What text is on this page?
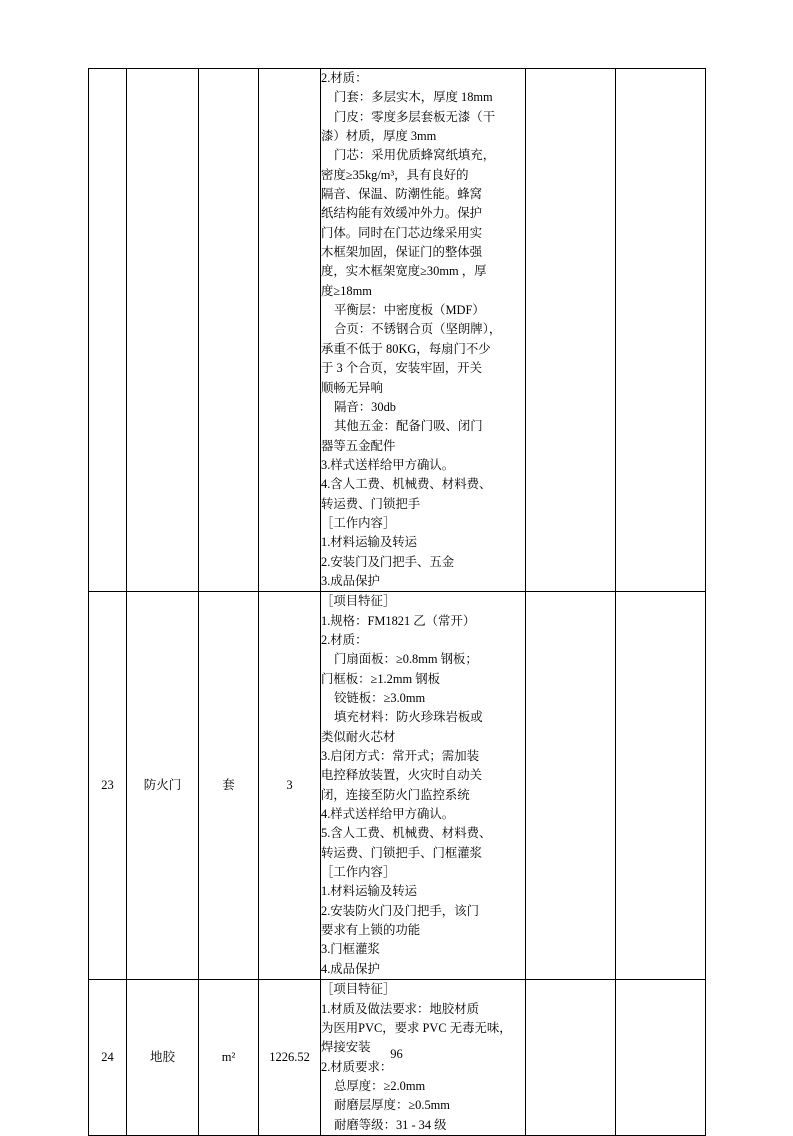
2.材质：
门套：多层实木，厚度 18mm
门皮：零度多层套板无漆（干
漆）材质，厚度 3mm
门芯：采用优质蜂窝纸填充，
密度≥35kg/m³，具有良好的
隔音、保温、防潮性能。蜂窝
纸结构能有效缓冲外力。保护
门体。同时在门芯边缘采用实
木框架加固，保证门的整体强
度，实木框架宽度≥30mm ，厚
度≥18mm
平衡层：中密度板（MDF）
合页：不锈钢合页（坚朗牌），
承重不低于 80KG，每扇门不少
于 3 个合页，安装牢固，开关
顺畅无异响
隔音：30db
其他五金：配备门吸、闭门
器等五金配件
3.样式送样给甲方确认。
4.含人工费、机械费、材料费、
转运费、门锁把手
［工作内容］
1.材料运输及转运
2.安装门及门把手、五金
3.成品保护

23	防火门	套	3	
［项目特征］
1.规格：FM1821 乙（常开）
2.材质：
门扇面板：≥0.8mm 钢板；
门框板：≥1.2mm 钢板
铰链板：≥3.0mm
填充材料：防火珍珠岩板或
类似耐火芯材
3.启闭方式：常开式；需加装
电控释放装置，火灾时自动关
闭，连接至防火门监控系统
4.样式送样给甲方确认。
5.含人工费、机械费、材料费、
转运费、门锁把手、门框灌浆
［工作内容］
1.材料运输及转运
2.安装防火门及门把手，该门
要求有上锁的功能
3.门框灌浆
4.成品保护

24	地胶	m²	1226.52	
［项目特征］
1.材质及做法要求：地胶材质
为医用PVC，要求 PVC 无毒无味，
焊接安装
2.材质要求：
总厚度：≥2.0mm
耐磨层厚度：≥0.5mm
耐磨等级：31 - 34 级

96
